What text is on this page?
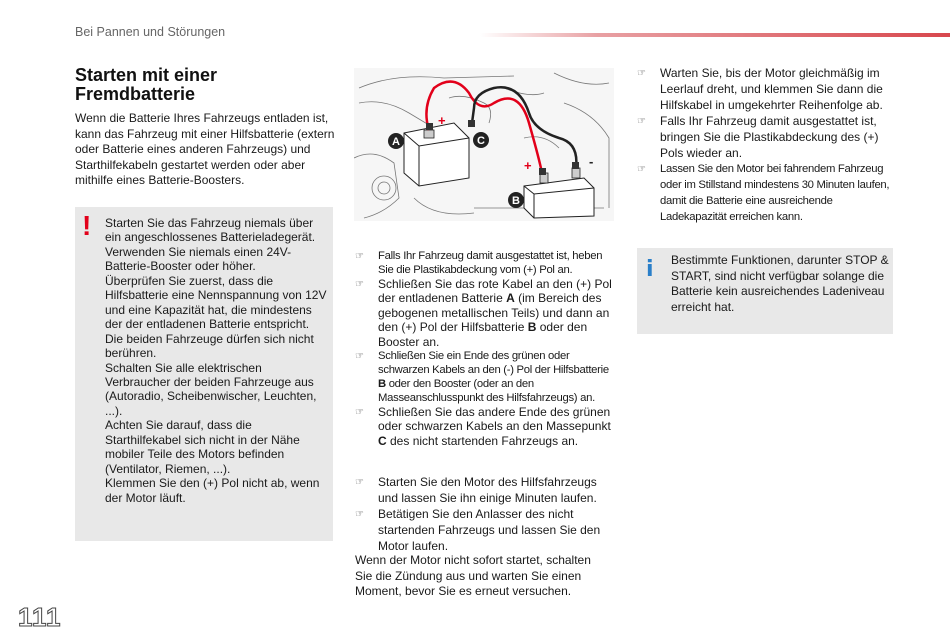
Bei Pannen und Störungen
Starten mit einer Fremdbatterie

Wenn die Batterie Ihres Fahrzeugs entladen ist, kann das Fahrzeug mit einer Hilfsbatterie (extern oder Batterie eines anderen Fahrzeugs) und Starthilfekabeln gestartet werden oder aber mithilfe eines Batterie-Boosters.

! Starten Sie das Fahrzeug niemals über ein angeschlossenes Batterieladegerät.
Verwenden Sie niemals einen 24V-Batterie-Booster oder höher.
Überprüfen Sie zuerst, dass die Hilfsbatterie eine Nennspannung von 12V und eine Kapazität hat, die mindestens der der entladenen Batterie entspricht.
Die beiden Fahrzeuge dürfen sich nicht berühren.
Schalten Sie alle elektrischen Verbraucher der beiden Fahrzeuge aus (Autoradio, Scheibenwischer, Leuchten, ...).
Achten Sie darauf, dass die Starthilfekabel sich nicht in der Nähe mobiler Teile des Motors befinden (Ventilator, Riemen, ...).
Klemmen Sie den (+) Pol nicht ab, wenn der Motor läuft.

+
+	-
A
B
C
☞ Falls Ihr Fahrzeug damit ausgestattet ist, heben Sie die Plastikabdeckung vom (+) Pol an.
☞ Schließen Sie das rote Kabel an den (+) Pol der entladenen Batterie A (im Bereich des gebogenen metallischen Teils) und dann an den (+) Pol der Hilfsbatterie B oder den Booster an.
☞ Schließen Sie ein Ende des grünen oder schwarzen Kabels an den (-) Pol der Hilfsbatterie B oder den Booster (oder an den Masseanschlusspunkt des Hilfsfahrzeugs) an.
☞ Schließen Sie das andere Ende des grünen oder schwarzen Kabels an den Massepunkt C des nicht startenden Fahrzeugs an.
☞ Starten Sie den Motor des Hilfsfahrzeugs und lassen Sie ihn einige Minuten laufen.
☞ Betätigen Sie den Anlasser des nicht startenden Fahrzeugs und lassen Sie den Motor laufen.

Wenn der Motor nicht sofort startet, schalten Sie die Zündung aus und warten Sie einen Moment, bevor Sie es erneut versuchen.

☞ Warten Sie, bis der Motor gleichmäßig im Leerlauf dreht, und klemmen Sie dann die Hilfskabel in umgekehrter Reihenfolge ab.
☞ Falls Ihr Fahrzeug damit ausgestattet ist, bringen Sie die Plastikabdeckung des (+) Pols wieder an.
☞ Lassen Sie den Motor bei fahrendem Fahrzeug oder im Stillstand mindestens 30 Minuten laufen, damit die Batterie eine ausreichende Ladekapazität erreichen kann.
i Bestimmte Funktionen, darunter STOP & START, sind nicht verfügbar solange die Batterie kein ausreichendes Ladeniveau erreicht hat.

111
